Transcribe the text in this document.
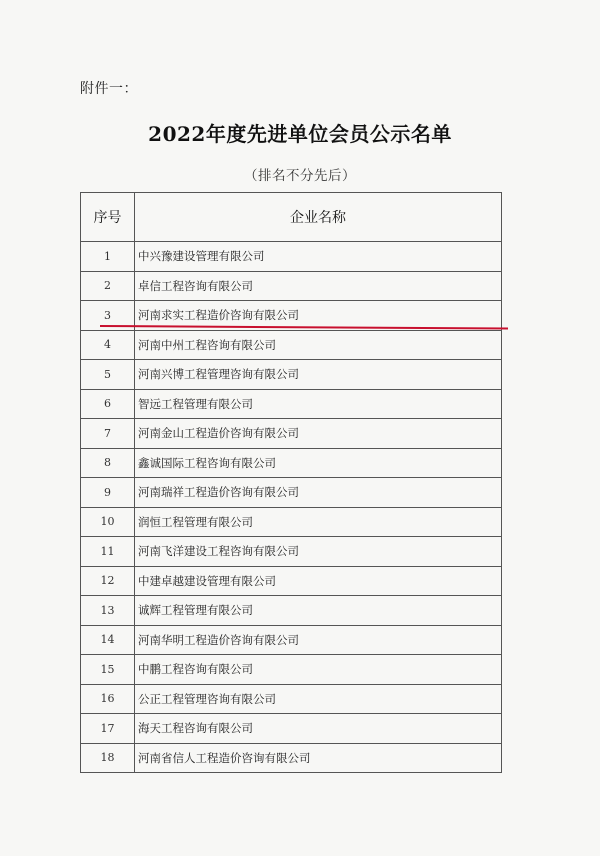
附件一：
2022年度先进单位会员公示名单
（排名不分先后）
序号	企业名称
1	中兴豫建设管理有限公司
2	卓信工程咨询有限公司
3	河南求实工程造价咨询有限公司
4	河南中州工程咨询有限公司
5	河南兴博工程管理咨询有限公司
6	智远工程管理有限公司
7	河南金山工程造价咨询有限公司
8	鑫诚国际工程咨询有限公司
9	河南瑞祥工程造价咨询有限公司
10	润恒工程管理有限公司
11	河南飞洋建设工程咨询有限公司
12	中建卓越建设管理有限公司
13	诚辉工程管理有限公司
14	河南华明工程造价咨询有限公司
15	中鹏工程咨询有限公司
16	公正工程管理咨询有限公司
17	海天工程咨询有限公司
18	河南省信人工程造价咨询有限公司
